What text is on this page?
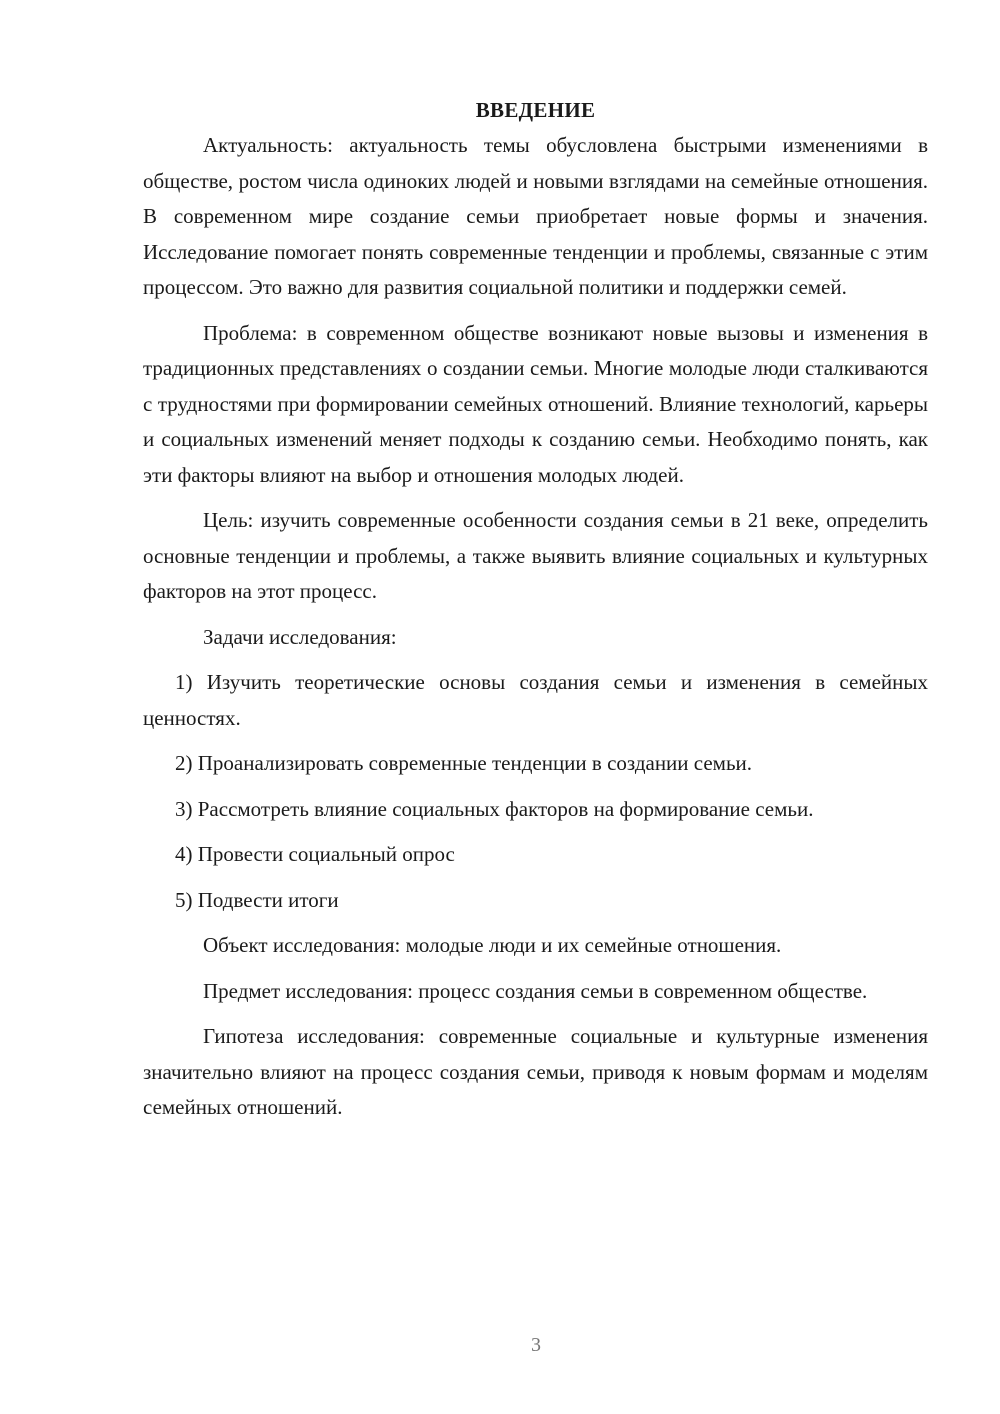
ВВЕДЕНИЕ

Актуальность: актуальность темы обусловлена быстрыми изменениями в обществе, ростом числа одиноких людей и новыми взглядами на семейные отношения. В современном мире создание семьи приобретает новые формы и значения. Исследование помогает понять современные тенденции и проблемы, связанные с этим процессом. Это важно для развития социальной политики и поддержки семей.

Проблема: в современном обществе возникают новые вызовы и изменения в традиционных представлениях о создании семьи. Многие молодые люди сталкиваются с трудностями при формировании семейных отношений. Влияние технологий, карьеры и социальных изменений меняет подходы к созданию семьи. Необходимо понять, как эти факторы влияют на выбор и отношения молодых людей.

Цель: изучить современные особенности создания семьи в 21 веке, определить основные тенденции и проблемы, а также выявить влияние социальных и культурных факторов на этот процесс.

Задачи исследования:

1) Изучить теоретические основы создания семьи и изменения в семейных ценностях.

2) Проанализировать современные тенденции в создании семьи.

3) Рассмотреть влияние социальных факторов на формирование семьи.

4) Провести социальный опрос

5) Подвести итоги

Объект исследования: молодые люди и их семейные отношения.

Предмет исследования: процесс создания семьи в современном обществе.

Гипотеза исследования: современные социальные и культурные изменения значительно влияют на процесс создания семьи, приводя к новым формам и моделям семейных отношений.

3
